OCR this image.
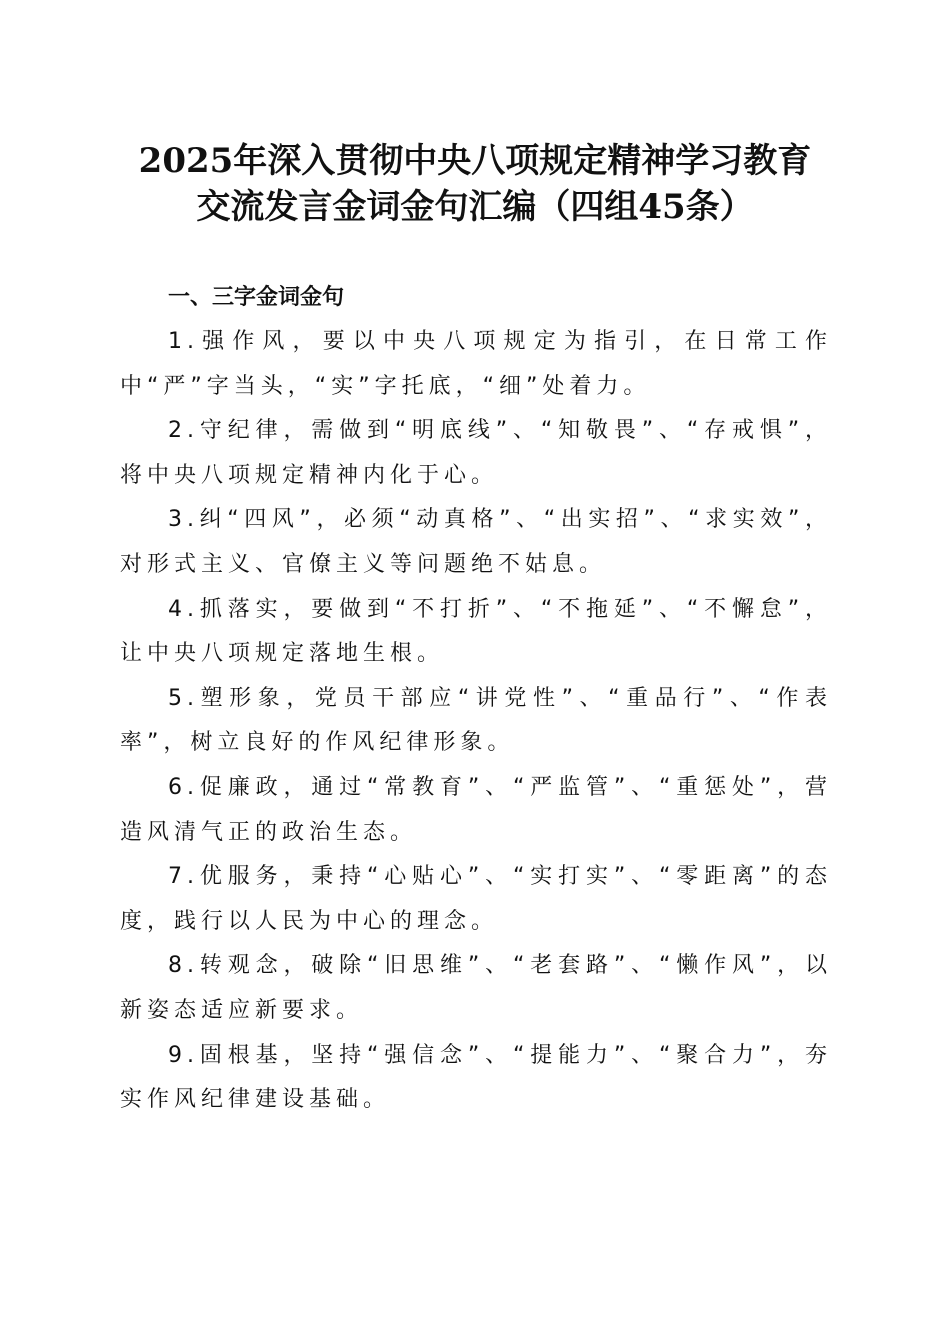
2025年深入贯彻中央八项规定精神学习教育
交流发言金词金句汇编（四组45条）
一、三字金词金句

1.强作风，要以中央八项规定为指引，在日常工作中“严”字当头，“实”字托底，“细”处着力。

2.守纪律，需做到“明底线”、“知敬畏”、“存戒惧”，将中央八项规定精神内化于心。

3.纠“四风”，必须“动真格”、“出实招”、“求实效”，对形式主义、官僚主义等问题绝不姑息。

4.抓落实，要做到“不打折”、“不拖延”、“不懈怠”，让中央八项规定落地生根。

5.塑形象，党员干部应“讲党性”、“重品行”、“作表率”，树立良好的作风纪律形象。

6.促廉政，通过“常教育”、“严监管”、“重惩处”，营造风清气正的政治生态。

7.优服务，秉持“心贴心”、“实打实”、“零距离”的态度，践行以人民为中心的理念。

8.转观念，破除“旧思维”、“老套路”、“懒作风”，以新姿态适应新要求。

9.固根基，坚持“强信念”、“提能力”、“聚合力”，夯实作风纪律建设基础。
